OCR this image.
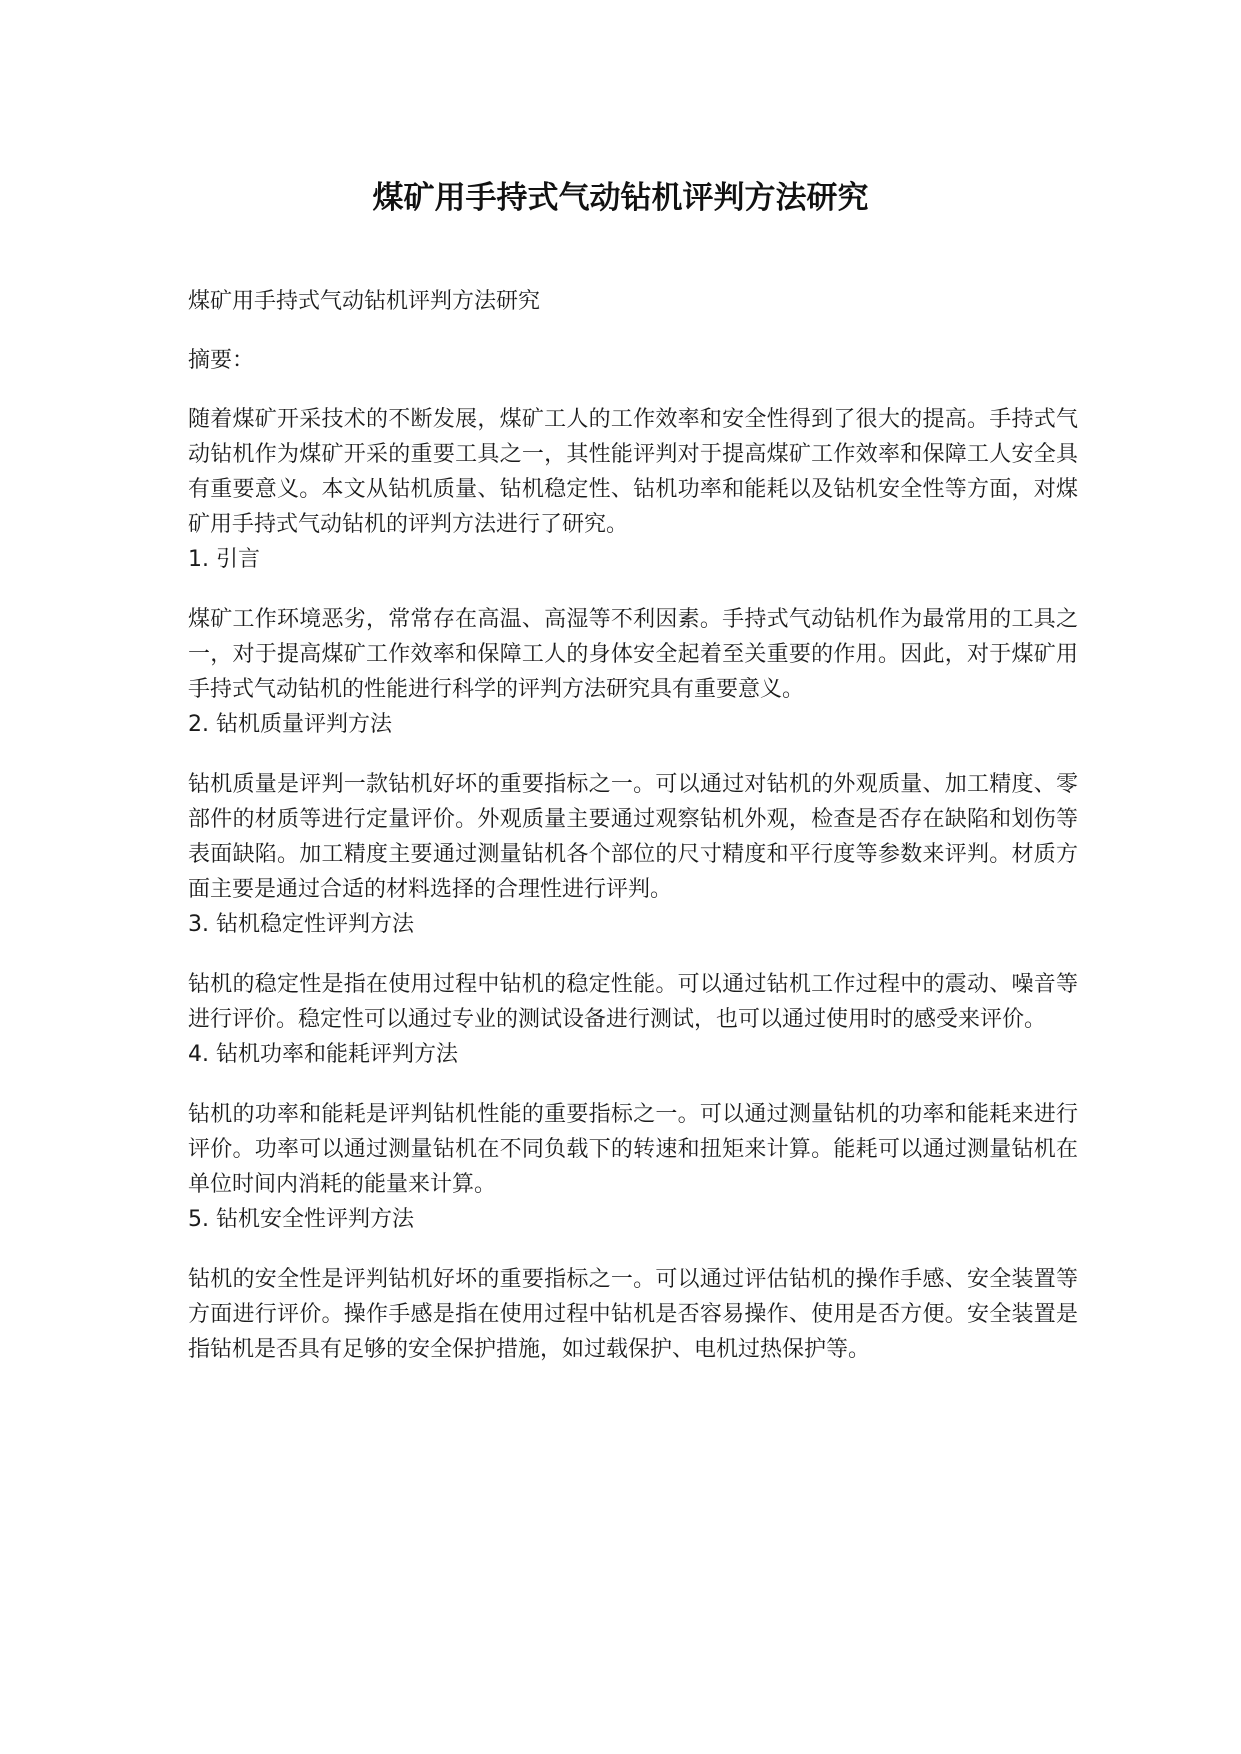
煤矿用手持式气动钻机评判方法研究

煤矿用手持式气动钻机评判方法研究

摘要：

随着煤矿开采技术的不断发展，煤矿工人的工作效率和安全性得到了很大的提高。手持式气动钻机作为煤矿开采的重要工具之一，其性能评判对于提高煤矿工作效率和保障工人安全具有重要意义。本文从钻机质量、钻机稳定性、钻机功率和能耗以及钻机安全性等方面，对煤矿用手持式气动钻机的评判方法进行了研究。

1. 引言

煤矿工作环境恶劣，常常存在高温、高湿等不利因素。手持式气动钻机作为最常用的工具之一，对于提高煤矿工作效率和保障工人的身体安全起着至关重要的作用。因此，对于煤矿用手持式气动钻机的性能进行科学的评判方法研究具有重要意义。

2. 钻机质量评判方法

钻机质量是评判一款钻机好坏的重要指标之一。可以通过对钻机的外观质量、加工精度、零部件的材质等进行定量评价。外观质量主要通过观察钻机外观，检查是否存在缺陷和划伤等表面缺陷。加工精度主要通过测量钻机各个部位的尺寸精度和平行度等参数来评判。材质方面主要是通过合适的材料选择的合理性进行评判。

3. 钻机稳定性评判方法

钻机的稳定性是指在使用过程中钻机的稳定性能。可以通过钻机工作过程中的震动、噪音等进行评价。稳定性可以通过专业的测试设备进行测试，也可以通过使用时的感受来评价。

4. 钻机功率和能耗评判方法

钻机的功率和能耗是评判钻机性能的重要指标之一。可以通过测量钻机的功率和能耗来进行评价。功率可以通过测量钻机在不同负载下的转速和扭矩来计算。能耗可以通过测量钻机在单位时间内消耗的能量来计算。

5. 钻机安全性评判方法

钻机的安全性是评判钻机好坏的重要指标之一。可以通过评估钻机的操作手感、安全装置等方面进行评价。操作手感是指在使用过程中钻机是否容易操作、使用是否方便。安全装置是指钻机是否具有足够的安全保护措施，如过载保护、电机过热保护等。
